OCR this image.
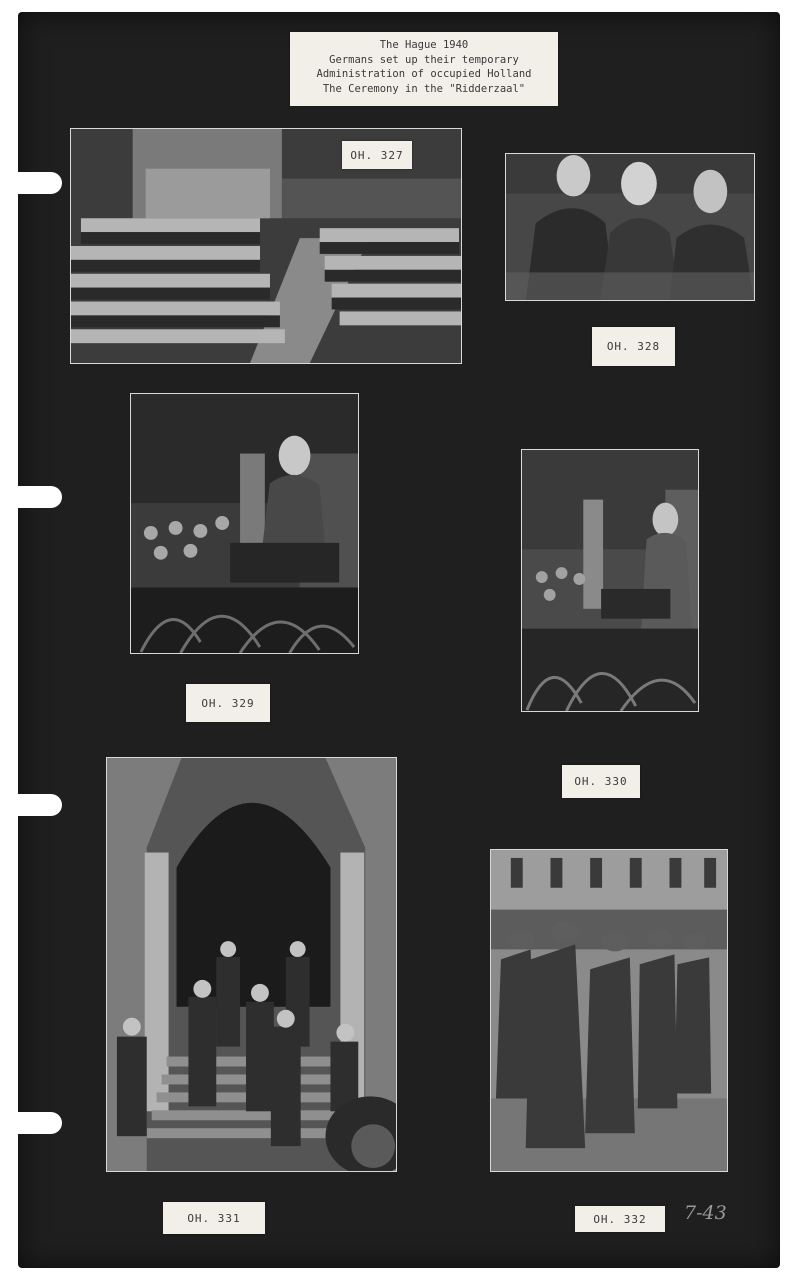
The Hague 1940
Germans set up their temporary
Administration of occupied Holland
The Ceremony in the "Ridderzaal"
OH. 327
OH. 328
OH. 329
OH. 330
OH. 331	OH. 332	7-43
